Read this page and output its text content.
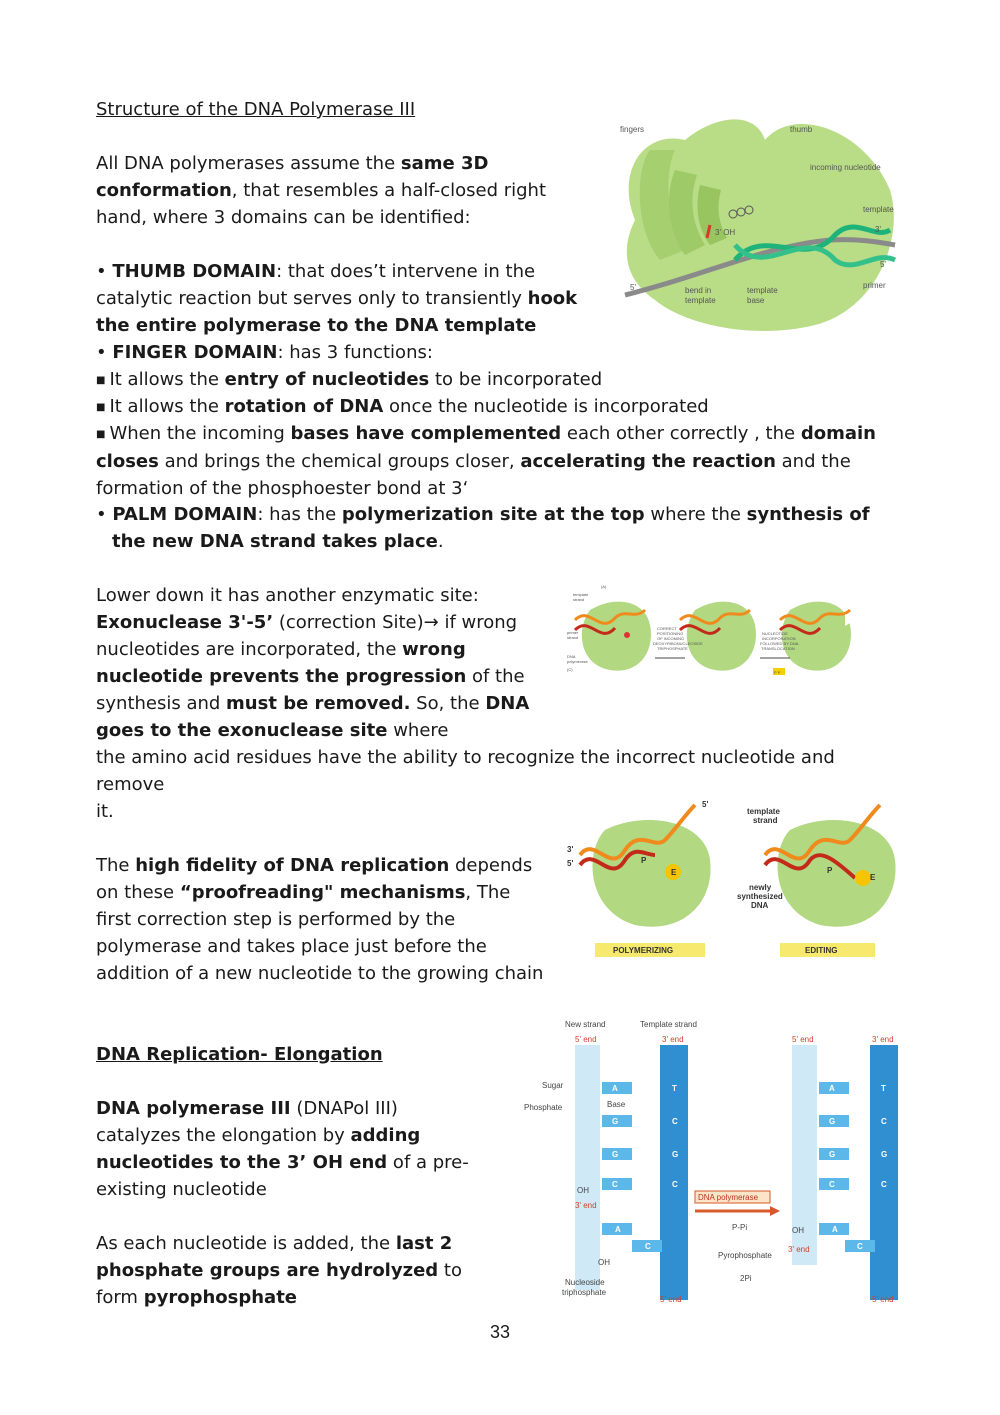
Structure of the DNA Polymerase III
All DNA polymerases assume the same 3D conformation, that resembles a half-closed right hand, where 3 domains can be identified:
• THUMB DOMAIN: that does’t intervene in the catalytic reaction but serves only to transiently hook the entire polymerase to the DNA template
• FINGER DOMAIN: has 3 functions:
■ It allows the entry of nucleotides to be incorporated
■ It allows the rotation of DNA once the nucleotide is incorporated
■ When the incoming bases have complemented each other correctly , the domain closes and brings the chemical groups closer, accelerating the reaction and the formation of the phosphoester bond at 3‘
• PALM DOMAIN: has the polymerization site at the top where the synthesis of the new DNA strand takes place.
Lower down it has another enzymatic site: Exonuclease 3'-5’ (correction Site)→ if wrong nucleotides are incorporated, the wrong nucleotide prevents the progression of the synthesis and must be removed. So, the DNA goes to the exonuclease site where
the amino acid residues have the ability to recognize the incorrect nucleotide and remove
it.
The high fidelity of DNA replication depends on these “proofreading" mechanisms, The first correction step is performed by the polymerase and takes place just before the addition of a new nucleotide to the growing chain
DNA Replication- Elongation
DNA polymerase III (DNAPol III) catalyzes the elongation by adding nucleotides to the 3’ OH end of a pre-existing nucleotide
As each nucleotide is added, the last 2 phosphate groups are hydrolyzed to form pyrophosphate
fingers	thumb
incoming nucleotide
template
3'
5'
primer
5'
3' OH
bend in
template
template
base
template
strand
(A)
primer
strand
DNA
polymerase
(C)
CORRECT
POSITIONING
OF INCOMING
DEOXYRIBONUCLEOSIDE
TRIPHOSPHATE
NUCLEOTIDE
INCORPORATION
FOLLOWED BY DNA
TRANSLOCATION
P P
5'
3'
5'	P
E	P
E
template
strand
newly
synthesized
DNA
POLYMERIZING	EDITING
A
G
G
C
A
C
A
G
G
C
A
C
T
C
G
C
T
C
G
C
New strand	Template strand
5' end	3' end	5' end	3' end
Sugar
Phosphate	Base
OH
3' end
OH
OH
3' end
DNA polymerase
P-Pi
Pyrophosphate
2Pi
Nucleoside
triphosphate
5' end	5' end
33
